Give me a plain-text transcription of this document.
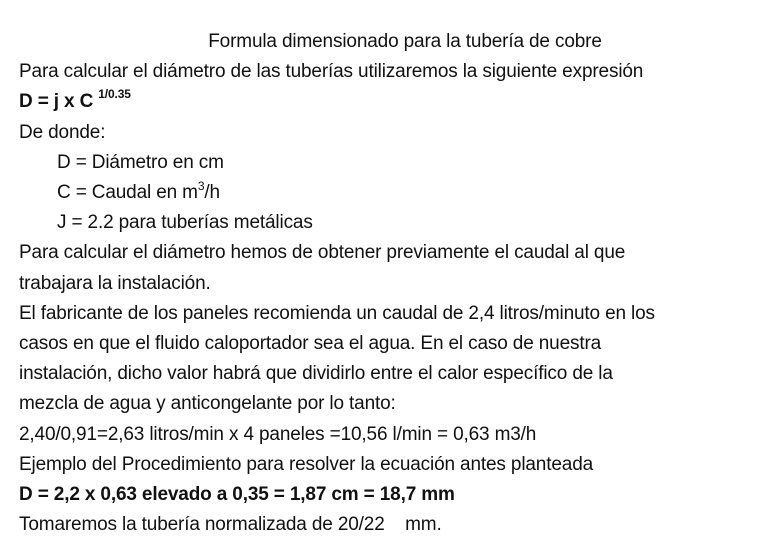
Formula dimensionado para la tubería de cobre
Para calcular el diámetro de las tuberías utilizaremos la siguiente expresión
D = j x C $^{1/0.35}$
De donde:
D = Diámetro en cm
C = Caudal en $m^3/h$
J = 2.2 para tuberías metálicas
Para calcular el diámetro hemos de obtener previamente el caudal al que
trabajara la instalación.
El fabricante de los paneles recomienda un caudal de 2,4 litros/minuto en los
casos en que el fluido caloportador sea el agua. En el caso de nuestra
instalación, dicho valor habrá que dividirlo entre el calor específico de la
mezcla de agua y anticongelante por lo tanto:
2,40/0,91=2,63 litros/min x 4 paneles =10,56 l/min = 0,63 m3/h
Ejemplo del Procedimiento para resolver la ecuación antes planteada
D = 2,2 x 0,63 elevado a 0,35 = 1,87 cm = 18,7 mm
Tomaremos la tubería normalizada de 20/22    mm.
